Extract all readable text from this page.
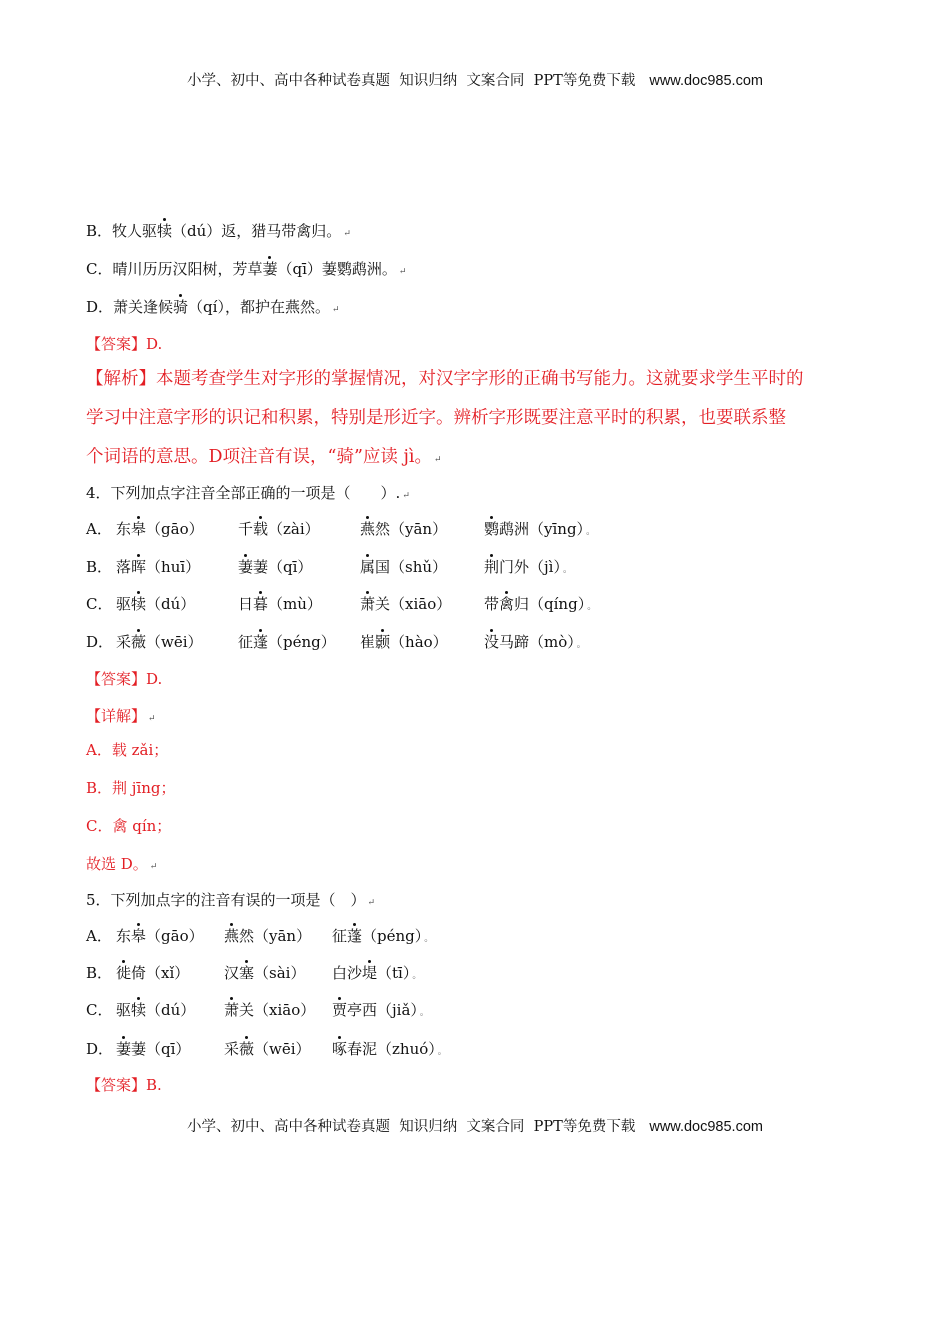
小学、初中、高中各种试卷真题  知识归纳  文案合同  PPT等免费下载 www.doc985.com
B．牧人驱犊（dú）返，猎马带禽归。 ↵
C．晴川历历汉阳树，芳草萋（qī）萋鹦鹉洲。 ↵
D．萧关逢候骑（qí），都护在燕然。 ↵
【答案】D.
【解析】本题考查学生对字形的掌握情况，对汉字字形的正确书写能力。这就要求学生平时的
学习中注意字形的识记和积累，特别是形近字。辨析字形既要注意平时的积累，也要联系整
个词语的意思。D项注音有误，“骑”应读 jì。 ↵
4．下列加点字注音全部正确的一项是（　　）. ↵
A． 东皋（gāo） 千载（zài）	燕然（yān） 鹦鹉洲（yīng） 。
B． 落晖（huī）	萋萋（qī）	属国（shǔ） 荆门外（jì） 。
C． 驱犊（dú）	日暮（mù）	萧关（xiāo） 带禽归（qíng） 。
D． 采薇（wēi） 征蓬（péng） 崔颢（hào） 没马蹄（mò） 。
【答案】D.
【详解】 ↵
A．载 zǎi；
B．荆 jīng；
C．禽 qín；
故选 D。 ↵
5．下列加点字的注音有误的一项是（　） ↵
A． 东皋（gāo） 燕然（yān） 征蓬（péng） 。
B． 徙倚（xǐ） 汉塞（sài） 白沙堤（tī） 。
C． 驱犊（dú） 萧关（xiāo） 贾亭西（jiǎ） 。
D． 萋萋（qī） 采薇（wēi） 啄春泥（zhuó） 。
【答案】B.
小学、初中、高中各种试卷真题  知识归纳  文案合同  PPT等免费下载 www.doc985.com
